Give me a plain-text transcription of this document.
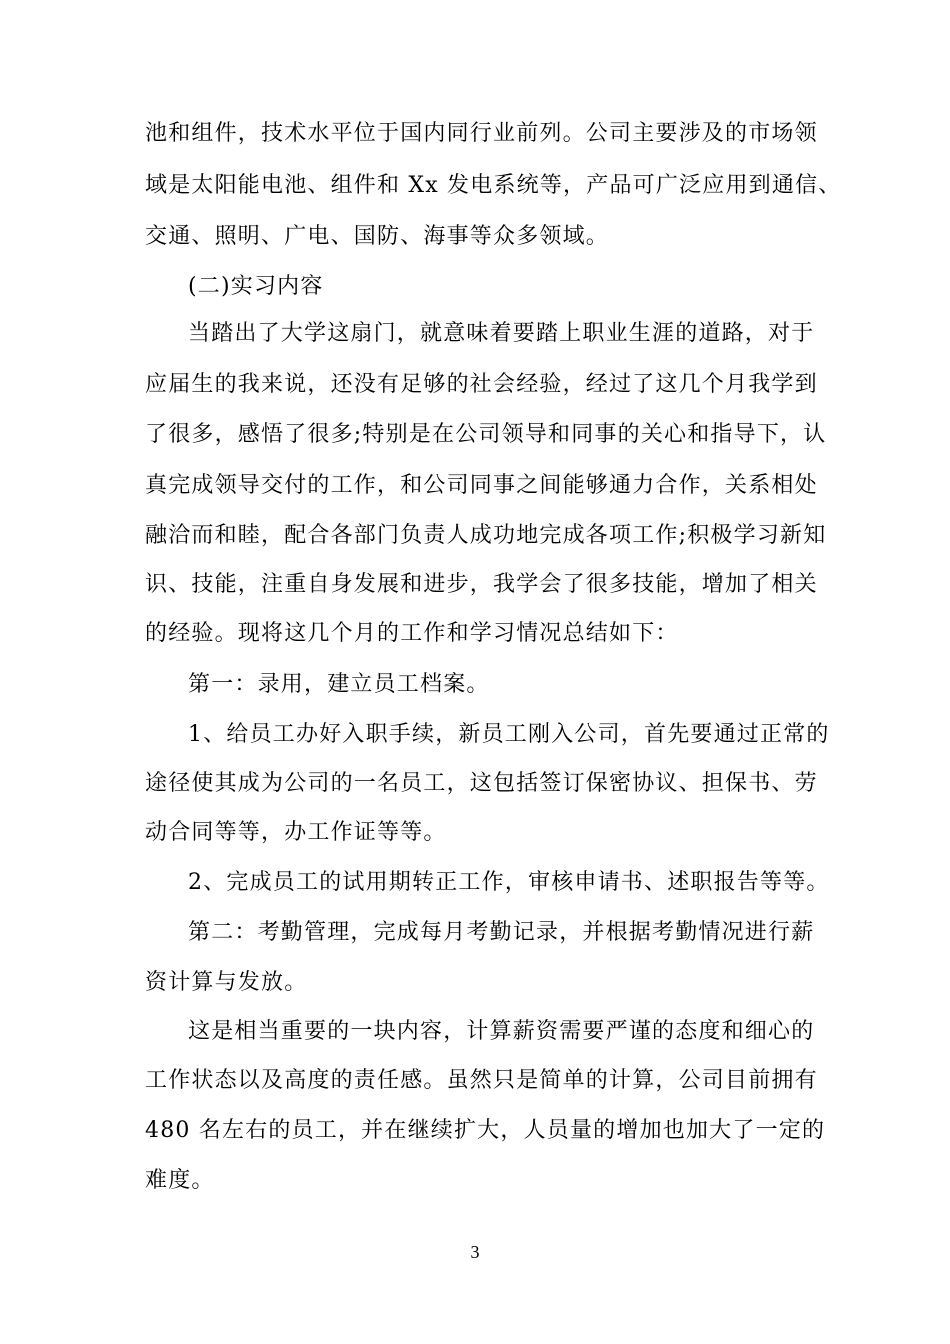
池和组件，技术水平位于国内同行业前列。公司主要涉及的市场领
域是太阳能电池、组件和 Xx 发电系统等，产品可广泛应用到通信、
交通、照明、广电、国防、海事等众多领域。
(二)实习内容
当踏出了大学这扇门，就意味着要踏上职业生涯的道路，对于
应届生的我来说，还没有足够的社会经验，经过了这几个月我学到
了很多，感悟了很多;特别是在公司领导和同事的关心和指导下，认
真完成领导交付的工作，和公司同事之间能够通力合作，关系相处
融洽而和睦，配合各部门负责人成功地完成各项工作;积极学习新知
识、技能，注重自身发展和进步，我学会了很多技能，增加了相关
的经验。现将这几个月的工作和学习情况总结如下：
第一：录用，建立员工档案。
1、给员工办好入职手续，新员工刚入公司，首先要通过正常的
途径使其成为公司的一名员工，这包括签订保密协议、担保书、劳
动合同等等，办工作证等等。
2、完成员工的试用期转正工作，审核申请书、述职报告等等。
第二：考勤管理，完成每月考勤记录，并根据考勤情况进行薪
资计算与发放。
这是相当重要的一块内容，计算薪资需要严谨的态度和细心的
工作状态以及高度的责任感。虽然只是简单的计算，公司目前拥有
480 名左右的员工，并在继续扩大，人员量的增加也加大了一定的
难度。
3
